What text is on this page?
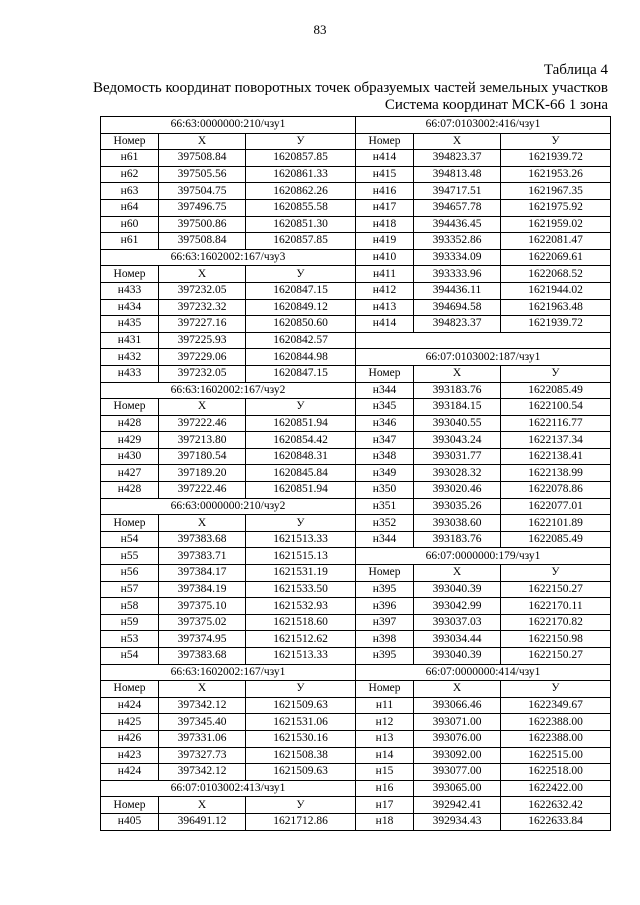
83
Таблица 4
Ведомость координат поворотных точек образуемых частей земельных участков
Система координат МСК-66 1 зона
66:63:0000000:210/чзу1		
Номер	X	У
н61	397508.84	1620857.85
н62	397505.56	1620861.33
н63	397504.75	1620862.26
н64	397496.75	1620855.58
н60	397500.86	1620851.30
н61	397508.84	1620857.85
66:63:1602002:167/чзу3		
Номер	X	У
н433	397232.05	1620847.15
н434	397232.32	1620849.12
н435	397227.16	1620850.60
н431	397225.93	1620842.57
н432	397229.06	1620844.98
н433	397232.05	1620847.15
66:63:1602002:167/чзу2		
Номер	X	У
н428	397222.46	1620851.94
н429	397213.80	1620854.42
н430	397180.54	1620848.31
н427	397189.20	1620845.84
н428	397222.46	1620851.94
66:63:0000000:210/чзу2		
Номер	X	У
н54	397383.68	1621513.33
н55	397383.71	1621515.13
н56	397384.17	1621531.19
н57	397384.19	1621533.50
н58	397375.10	1621532.93
н59	397375.02	1621518.60
н53	397374.95	1621512.62
н54	397383.68	1621513.33
66:63:1602002:167/чзу1		
Номер	X	У
н424	397342.12	1621509.63
н425	397345.40	1621531.06
н426	397331.06	1621530.16
н423	397327.73	1621508.38
н424	397342.12	1621509.63
66:07:0103002:413/чзу1		
Номер	X	У
н405	396491.12	1621712.86
66:07:0103002:416/чзу1		
Номер	X	У
н414	394823.37	1621939.72
н415	394813.48	1621953.26
н416	394717.51	1621967.35
н417	394657.78	1621975.92
н418	394436.45	1621959.02
н419	393352.86	1622081.47
н410	393334.09	1622069.61
н411	393333.96	1622068.52
н412	394436.11	1621944.02
н413	394694.58	1621963.48
н414	394823.37	1621939.72

66:07:0103002:187/чзу1		
Номер	X	У
н344	393183.76	1622085.49
н345	393184.15	1622100.54
н346	393040.55	1622116.77
н347	393043.24	1622137.34
н348	393031.77	1622138.41
н349	393028.32	1622138.99
н350	393020.46	1622078.86
н351	393035.26	1622077.01
н352	393038.60	1622101.89
н344	393183.76	1622085.49
66:07:0000000:179/чзу1		
Номер	X	У
н395	393040.39	1622150.27
н396	393042.99	1622170.11
н397	393037.03	1622170.82
н398	393034.44	1622150.98
н395	393040.39	1622150.27
66:07:0000000:414/чзу1		
Номер	X	У
н11	393066.46	1622349.67
н12	393071.00	1622388.00
н13	393076.00	1622388.00
н14	393092.00	1622515.00
н15	393077.00	1622518.00
н16	393065.00	1622422.00
н17	392942.41	1622632.42
н18	392934.43	1622633.84
